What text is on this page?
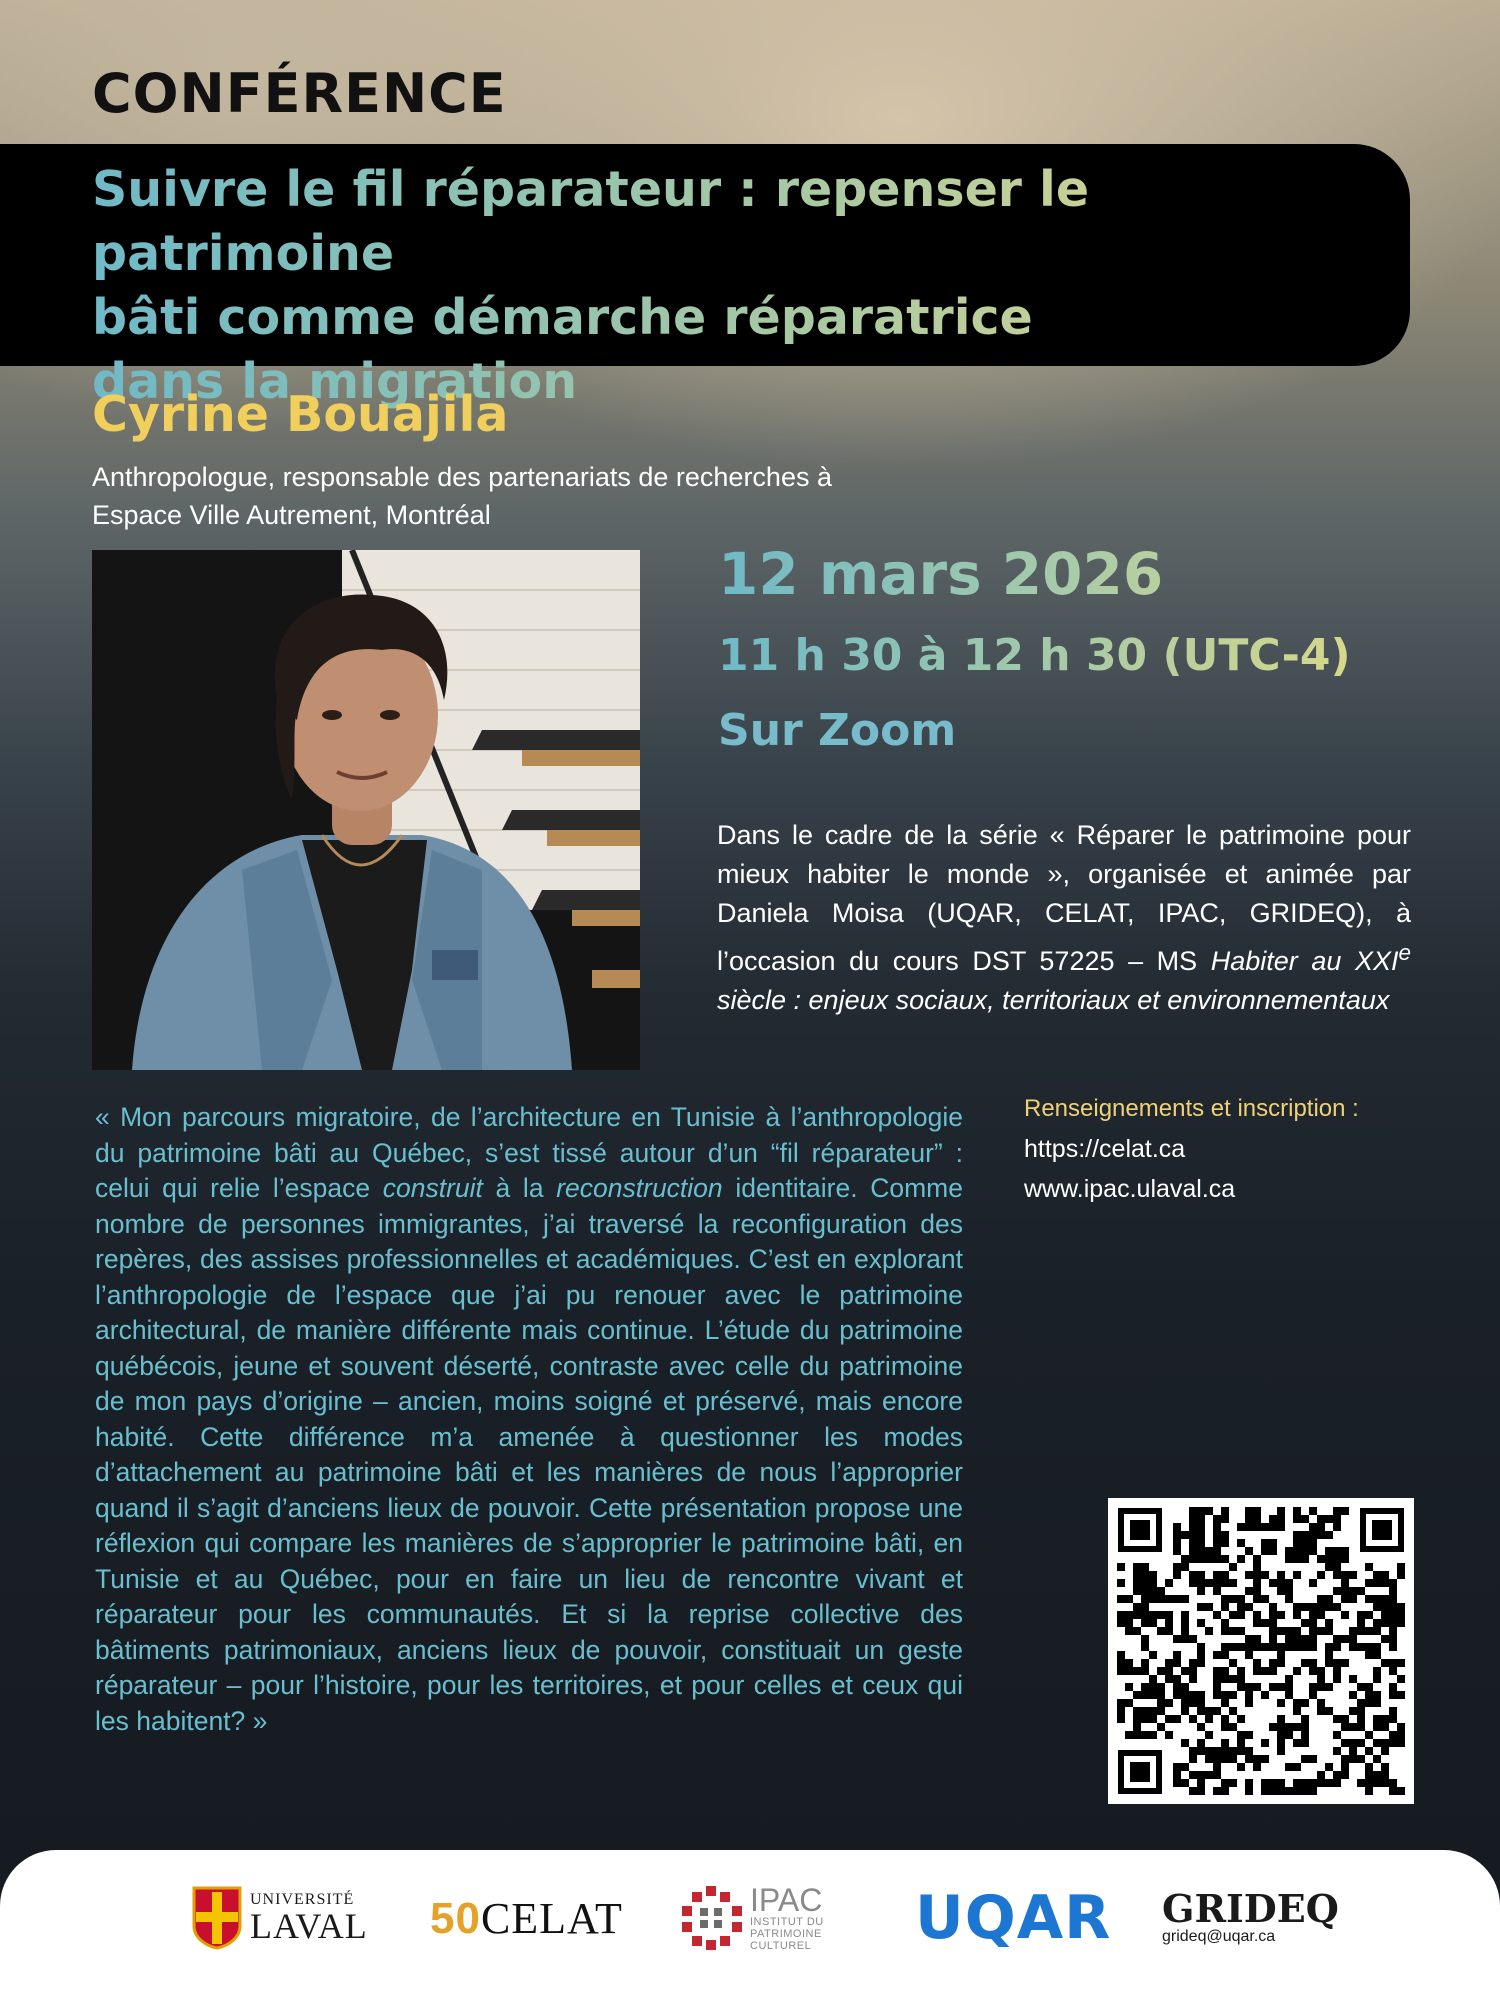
CONFÉRENCE
Suivre le fil réparateur : repenser le patrimoine
bâti comme démarche réparatrice
dans la migration
Cyrine Bouajila
Anthropologue, responsable des partenariats de recherches à
Espace Ville Autrement, Montréal
12 mars 2026
11 h 30 à 12 h 30 (UTC-4)
Sur Zoom
Dans le cadre de la série « Réparer le patrimoine pour mieux habiter le monde », organisée et animée par Daniela Moisa (UQAR, CELAT, IPAC, GRIDEQ), à l’occasion du cours DST 57225 – MS Habiter au XXIe siècle : enjeux sociaux, territoriaux et environnementaux
« Mon parcours migratoire, de l’architecture en Tunisie à l’anthropologie du patrimoine bâti au Québec, s’est tissé autour d’un “fil réparateur” : celui qui relie l’espace construit à la reconstruction identitaire. Comme nombre de personnes immigrantes, j’ai traversé la reconfiguration des repères, des assises professionnelles et académiques. C’est en explorant l’anthropologie de l’espace que j’ai pu renouer avec le patrimoine architectural, de manière différente mais continue. L’étude du patrimoine québécois, jeune et souvent déserté, contraste avec celle du patrimoine de mon pays d’origine – ancien, moins soigné et préservé, mais encore habité. Cette différence m’a amenée à questionner les modes d’attachement au patrimoine bâti et les manières de nous l’approprier quand il s’agit d’anciens lieux de pouvoir. Cette présentation propose une réflexion qui compare les manières de s’approprier le patrimoine bâti, en Tunisie et au Québec, pour en faire un lieu de rencontre vivant et réparateur pour les communautés. Et si la reprise collective des bâtiments patrimoniaux, anciens lieux de pouvoir, constituait un geste réparateur – pour l’histoire, pour les territoires, et pour celles et ceux qui les habitent? »
Renseignements et inscription :
https://celat.ca
www.ipac.ulaval.ca
UNIVERSITÉ
LAVAL 50CELAT	IPAC
INSTITUT DU
PATRIMOINE
CULTUREL UQAR GRIDEQ
grideq@uqar.ca
